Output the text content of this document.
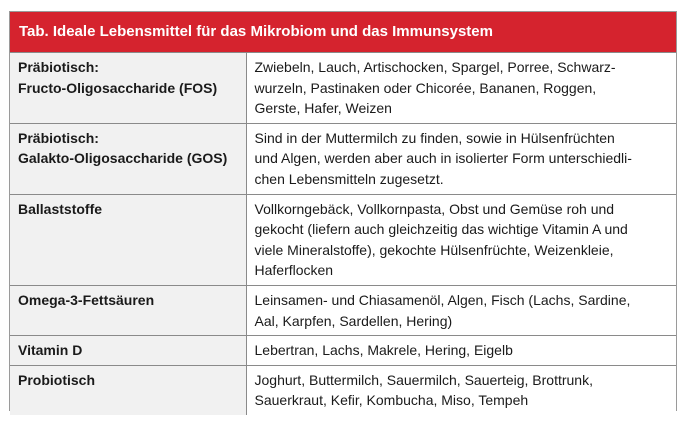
Tab. Ideale Lebensmittel für das Mikrobiom und das Immunsystem
Präbiotisch:
Fructo-Oligosaccharide (FOS)	Zwiebeln, Lauch, Artischocken, Spargel, Porree, Schwarz-
wurzeln, Pastinaken oder Chicorée, Bananen, Roggen,
Gerste, Hafer, Weizen

Präbiotisch:
Galakto-Oligosaccharide (GOS)	Sind in der Muttermilch zu finden, sowie in Hülsenfrüchten
und Algen, werden aber auch in isolierter Form unterschiedli-
chen Lebensmitteln zugesetzt.

Ballaststoffe	Vollkorngebäck, Vollkornpasta, Obst und Gemüse roh und
gekocht (liefern auch gleichzeitig das wichtige Vitamin A und
viele Mineralstoffe), gekochte Hülsenfrüchte, Weizenkleie,
Haferflocken

Omega-3-Fettsäuren	Leinsamen- und Chiasamenöl, Algen, Fisch (Lachs, Sardine,
Aal, Karpfen, Sardellen, Hering)

Vitamin D	Lebertran, Lachs, Makrele, Hering, Eigelb

Probiotisch	Joghurt, Buttermilch, Sauermilch, Sauerteig, Brottrunk,
Sauerkraut, Kefir, Kombucha, Miso, Tempeh
